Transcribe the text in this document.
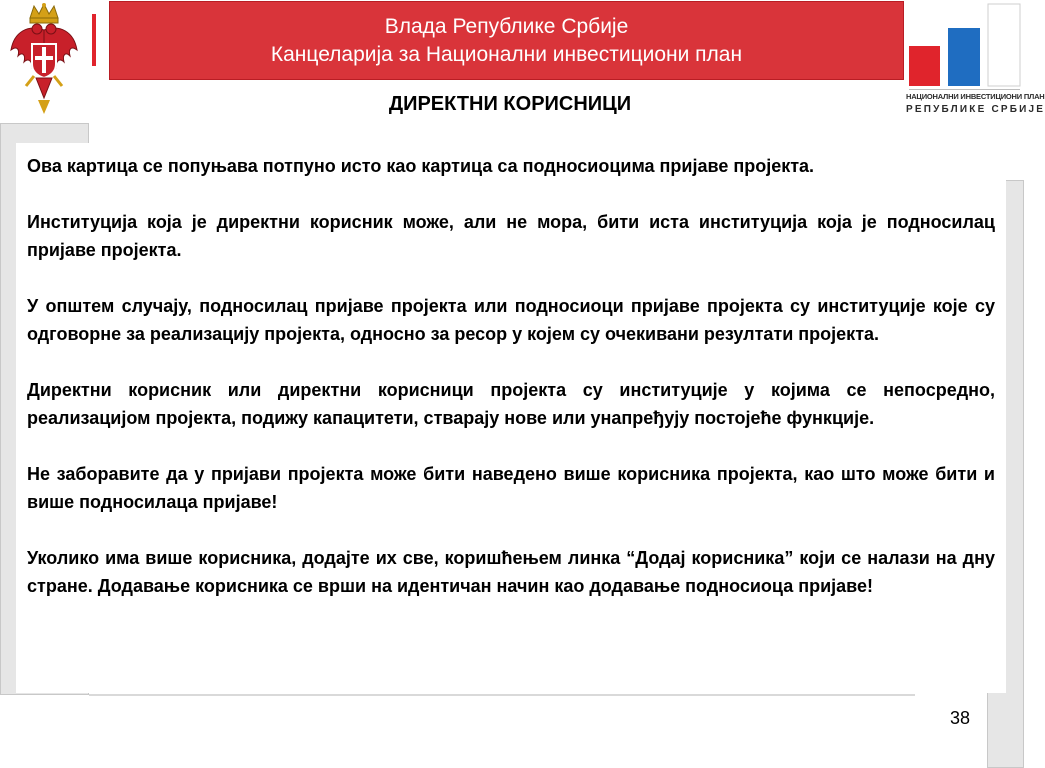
Влада Републике Србије
Канцеларија за Национални инвестициони план
НАЦИОНАЛНИ ИНВЕСТИЦИОНИ ПЛАН
РЕПУБЛИКЕ СРБИЈЕ
ДИРЕКТНИ КОРИСНИЦИ

Ова картица се попуњава потпуно исто као картица са подносиоцима пријаве пројекта.

Институција која је директни корисник може, али не мора, бити иста институција која је подносилац пријаве пројекта.

У општем случају, подносилац пријаве пројекта или подносиоци пријаве пројекта су институције које су одговорне за реализацију пројекта, односно за ресор у којем су очекивани резултати пројекта.

Директни корисник или директни корисници пројекта су институције у којима се непосредно, реализацијом пројекта, подижу капацитети, стварају нове или унапређују постојеће функције.

Не заборавите да у пријави пројекта може бити наведено више корисника пројекта, као што може бити и више подносилаца пријаве!

Уколико има више корисника, додајте их све, коришћењем линка “Додај корисника” који се налази на дну стране. Додавање корисника се врши на идентичан начин као додавање подносиоца пријаве!

38
